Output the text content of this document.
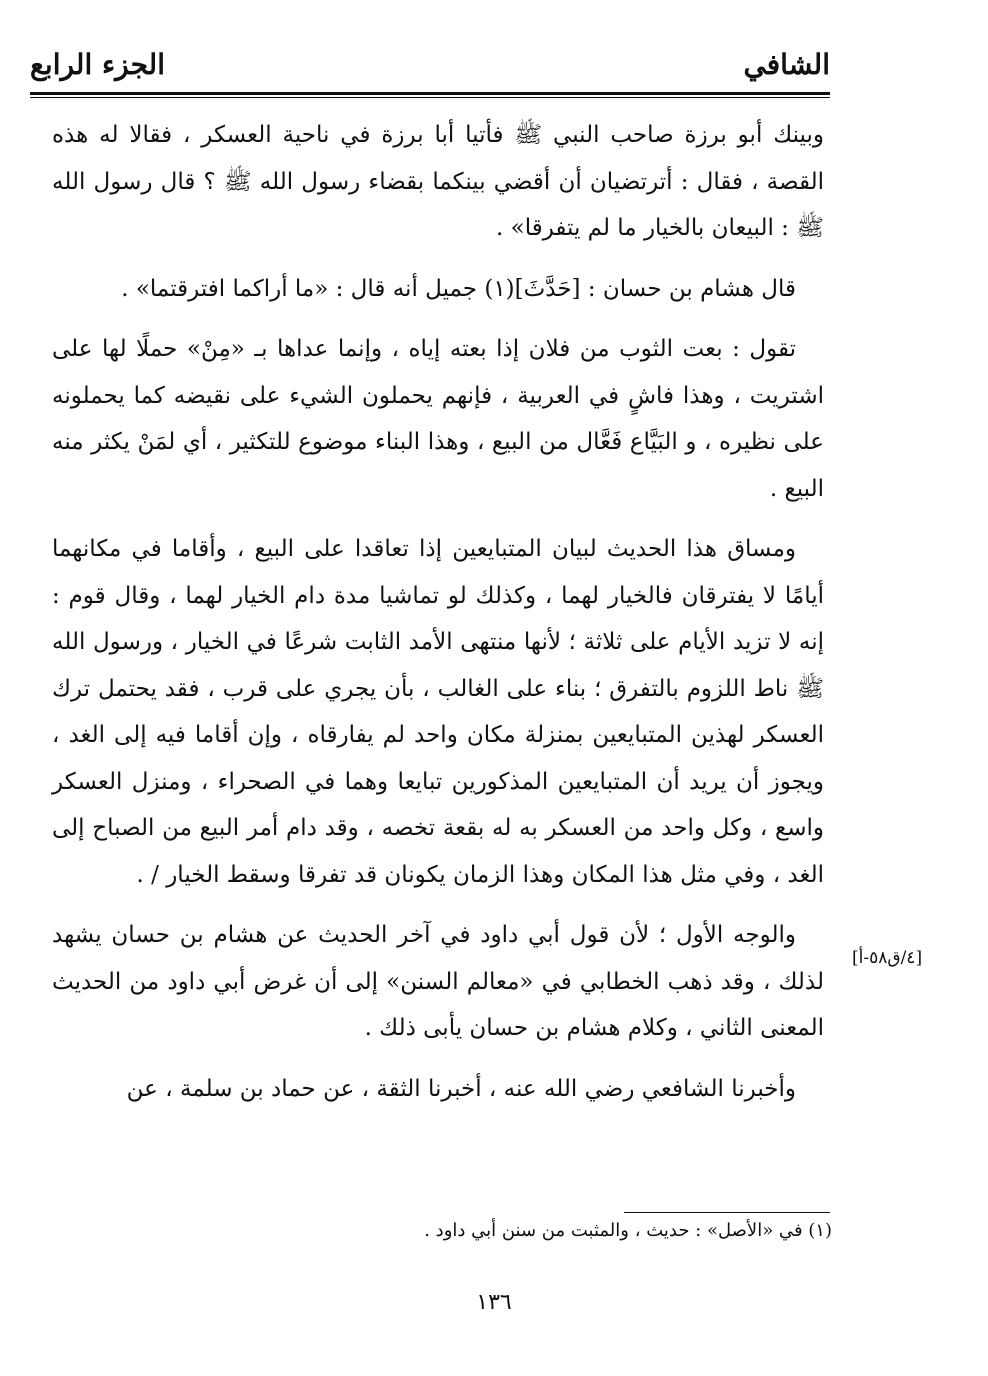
الشافي
الجزء الرابع

وبينك أبو برزة صاحب النبي ﷺ فأتيا أبا برزة في ناحية العسكر ، فقالا له هذه القصة ، فقال : أترتضيان أن أقضي بينكما بقضاء رسول الله ﷺ ؟ قال رسول الله ﷺ : البيعان بالخيار ما لم يتفرقا» .

قال هشام بن حسان : [حَدَّثَ](١) جميل أنه قال : «ما أراكما افترقتما» .

تقول : بعت الثوب من فلان إذا بعته إياه ، وإنما عداها بـ «مِنْ» حملًا لها على اشتريت ، وهذا فاشٍ في العربية ، فإنهم يحملون الشيء على نقيضه كما يحملونه على نظيره ، و البَيَّاع فَعَّال من البيع ، وهذا البناء موضوع للتكثير ، أي لمَنْ يكثر منه البيع .

ومساق هذا الحديث لبيان المتبايعين إذا تعاقدا على البيع ، وأقاما في مكانهما أيامًا لا يفترقان فالخيار لهما ، وكذلك لو تماشيا مدة دام الخيار لهما ، وقال قوم : إنه لا تزيد الأيام على ثلاثة ؛ لأنها منتهى الأمد الثابت شرعًا في الخيار ، ورسول الله ﷺ ناط اللزوم بالتفرق ؛ بناء على الغالب ، بأن يجري على قرب ، فقد يحتمل ترك العسكر لهذين المتبايعين بمنزلة مكان واحد لم يفارقاه ، وإن أقاما فيه إلى الغد ، ويجوز أن يريد أن المتبايعين المذكورين تبايعا وهما في الصحراء ، ومنزل العسكر واسع ، وكل واحد من العسكر به له بقعة تخصه ، وقد دام أمر البيع من الصباح إلى الغد ، وفي مثل هذا المكان وهذا الزمان يكونان قد تفرقا وسقط الخيار / .

والوجه الأول ؛ لأن قول أبي داود في آخر الحديث عن هشام بن حسان يشهد لذلك ، وقد ذهب الخطابي في «معالم السنن» إلى أن غرض أبي داود من الحديث المعنى الثاني ، وكلام هشام بن حسان يأبى ذلك .

وأخبرنا الشافعي رضي الله عنه ، أخبرنا الثقة ، عن حماد بن سلمة ، عن

[٤/ق٥٨-أ]
(١) في «الأصل» : حديث ، والمثبت من سنن أبي داود .
١٣٦
